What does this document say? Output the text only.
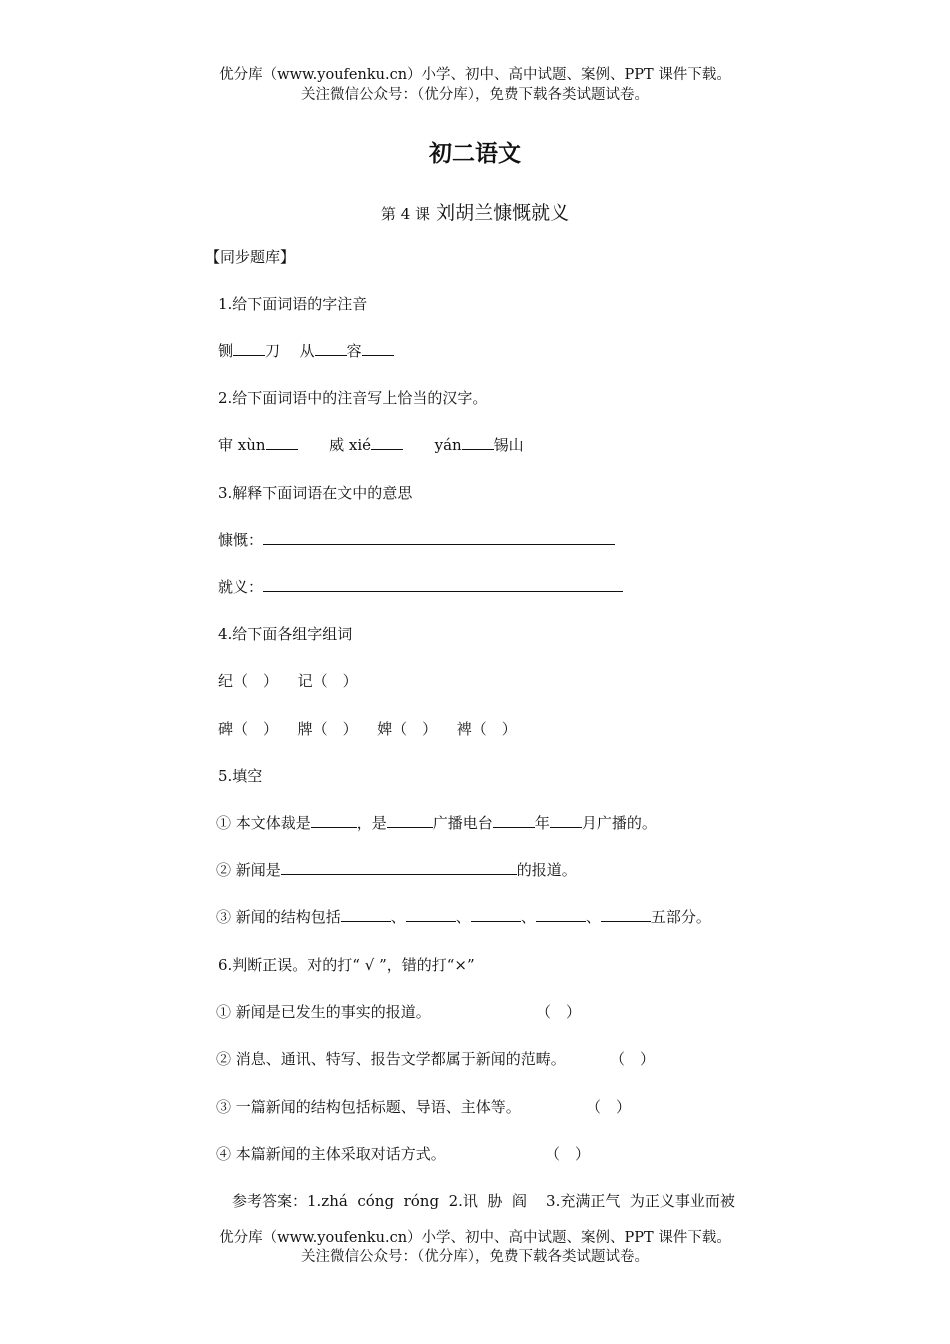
优分库（www.youfenku.cn）小学、初中、高中试题、案例、PPT 课件下载。
关注微信公众号：（优分库），免费下载各类试题试卷。
初二语文
第 4 课 刘胡兰慷慨就义
【同步题库】
1.给下面词语的字注音
铡 刀 从 容
2.给下面词语中的注音写上恰当的汉字。
审 xùn	威 xié	yán 锡山
3.解释下面词语在文中的意思
慷慨：
就义：
4.给下面各组字组词
纪（　） 记（　）
碑（　） 牌（　） 婢（　） 裨（　）
5.填空
① 本文体裁是	，是	广播电台	年 月广播的。
② 新闻是	的报道。
③ 新闻的结构包括	、	、	、	、	五部分。
6.判断正误。对的打“ √ ”，错的打“×”
① 新闻是已发生的事实的报道。	（　）
② 消息、通讯、特写、报告文学都属于新闻的范畴。	（　）
③ 一篇新闻的结构包括标题、导语、主体等。	（　）
④ 本篇新闻的主体采取对话方式。	（　）
参考答案：1.zhá  cóng  róng  2.讯  胁  阎    3.充满正气  为正义事业而被
优分库（www.youfenku.cn）小学、初中、高中试题、案例、PPT 课件下载。
关注微信公众号：（优分库），免费下载各类试题试卷。
